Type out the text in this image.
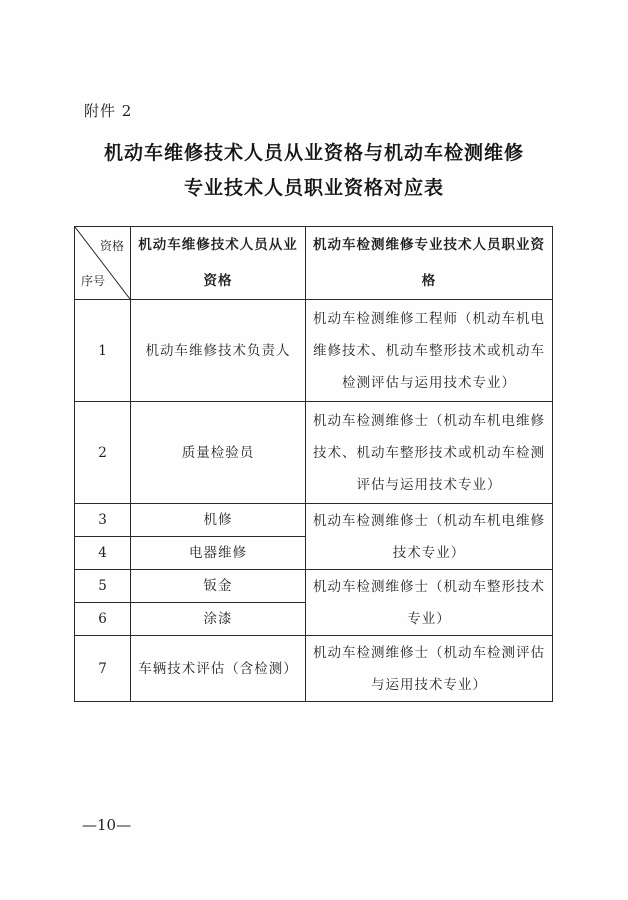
附件 2
机动车维修技术人员从业资格与机动车检测维修
专业技术人员职业资格对应表
资格
序号	机动车维修技术人员从业资格	机动车检测维修专业技术人员职业资格
1	机动车维修技术负责人	机动车检测维修工程师（机动车机电维修技术、机动车整形技术或机动车检测评估与运用技术专业）
2	质量检验员	机动车检测维修士（机动车机电维修技术、机动车整形技术或机动车检测评估与运用技术专业）
3	机修	机动车检测维修士（机动车机电维修技术专业）
4	电器维修	
5	钣金	机动车检测维修士（机动车整形技术专业）
6	涂漆	
7	车辆技术评估（含检测）	机动车检测维修士（机动车检测评估与运用技术专业）
—10—
